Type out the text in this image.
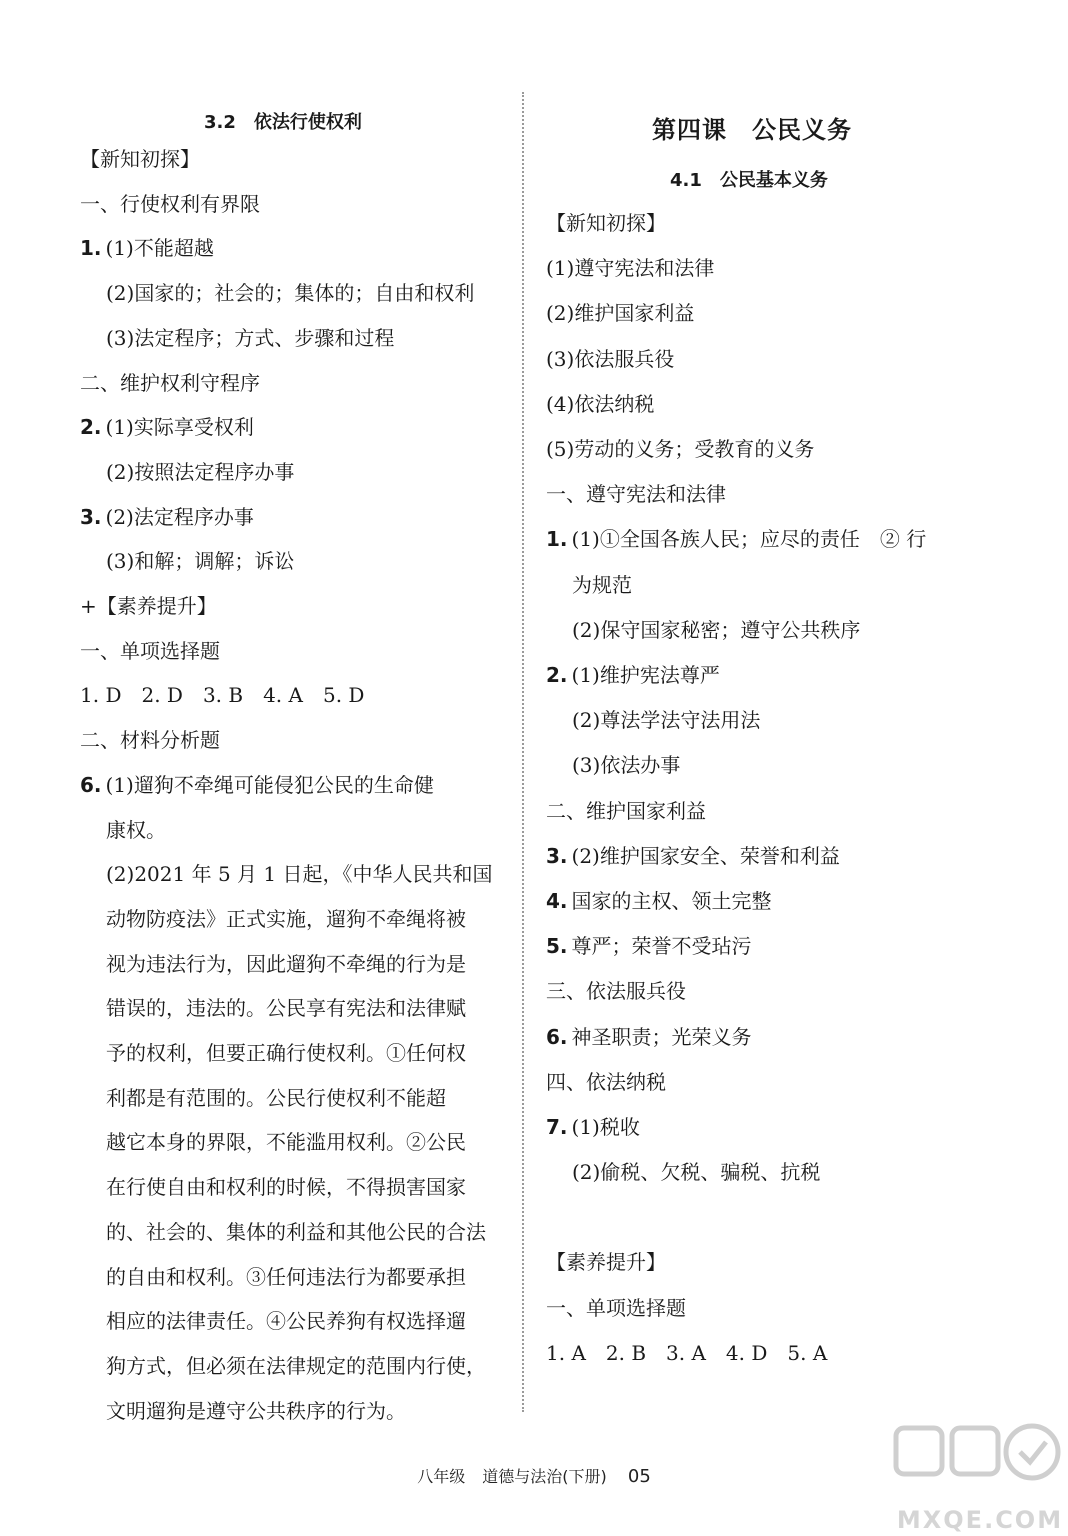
3.2　依法行使权利
【新知初探】
一、行使权利有界限
1. (1)不能超越
(2)国家的；社会的；集体的；自由和权利
(3)法定程序；方式、步骤和过程
二、维护权利守程序
2. (1)实际享受权利
(2)按照法定程序办事
3. (2)法定程序办事
(3)和解；调解；诉讼
+【素养提升】
一、单项选择题
1. D　2. D　3. B　4. A　5. D
二、材料分析题
6. (1)遛狗不牵绳可能侵犯公民的生命健
康权。
(2)2021 年 5 月 1 日起，《中华人民共和国
动物防疫法》正式实施，遛狗不牵绳将被
视为违法行为，因此遛狗不牵绳的行为是
错误的，违法的。公民享有宪法和法律赋
予的权利，但要正确行使权利。①任何权
利都是有范围的。公民行使权利不能超
越它本身的界限，不能滥用权利。②公民
在行使自由和权利的时候，不得损害国家
的、社会的、集体的利益和其他公民的合法
的自由和权利。③任何违法行为都要承担
相应的法律责任。④公民养狗有权选择遛
狗方式，但必须在法律规定的范围内行使，
文明遛狗是遵守公共秩序的行为。
第四课　公民义务
4.1　公民基本义务
【新知初探】
(1)遵守宪法和法律
(2)维护国家利益
(3)依法服兵役
(4)依法纳税
(5)劳动的义务；受教育的义务
一、遵守宪法和法律
1. (1)①全国各族人民；应尽的责任　② 行
为规范
(2)保守国家秘密；遵守公共秩序
2. (1)维护宪法尊严
(2)尊法学法守法用法
(3)依法办事
二、维护国家利益
3. (2)维护国家安全、荣誉和利益
4. 国家的主权、领土完整
5. 尊严；荣誉不受玷污
三、依法服兵役
6. 神圣职责；光荣义务
四、依法纳税
7. (1)税收
(2)偷税、欠税、骗税、抗税
【素养提升】
一、单项选择题
1. A　2. B　3. A　4. D　5. A
八年级 道德与法治(下册) 05
MXQE.COM
